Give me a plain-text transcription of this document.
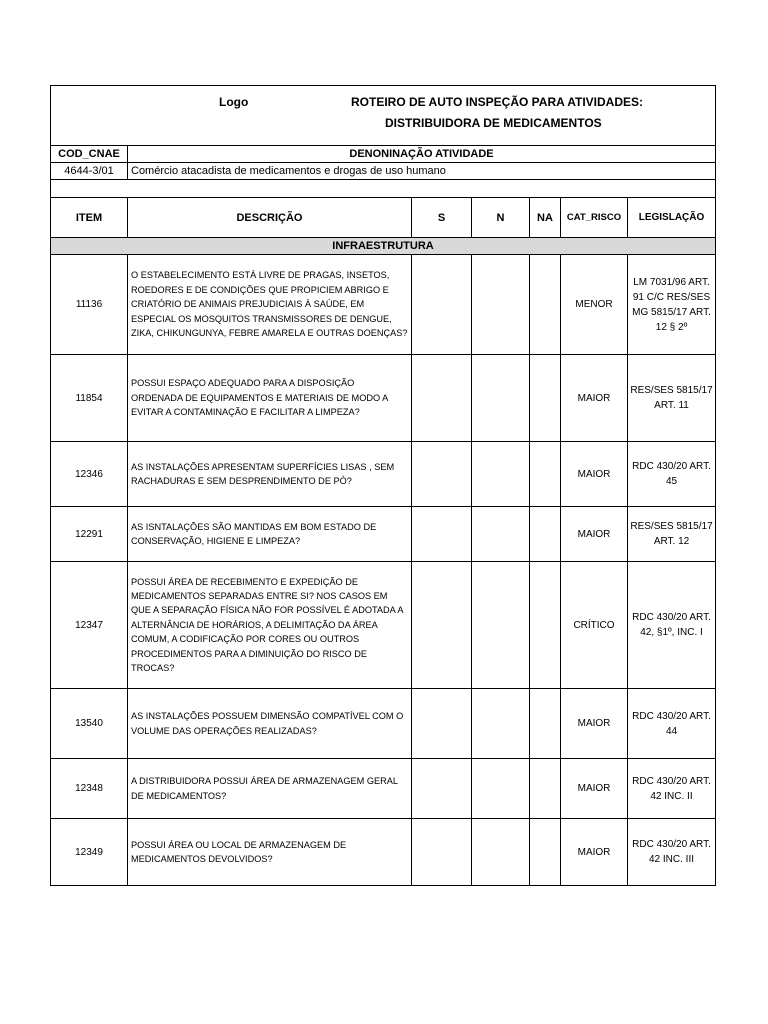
Logo ROTEIRO DE AUTO INSPEÇÃO PARA ATIVIDADES:
DISTRIBUIDORA DE MEDICAMENTOS						

COD_CNAE	DENONINAÇÃO ATIVIDADE					
4644-3/01	Comércio atacadista de medicamentos e drogas de uso humano					

ITEM	DESCRIÇÃO	S	N	NA	CAT_RISCO	LEGISLAÇÃO
INFRAESTRUTURA						
11136	O ESTABELECIMENTO ESTÁ LIVRE DE PRAGAS, INSETOS, ROEDORES E DE CONDIÇÕES QUE PROPICIEM ABRIGO E CRIATÓRIO DE ANIMAIS PREJUDICIAIS À SAÚDE, EM ESPECIAL OS MOSQUITOS TRANSMISSORES DE DENGUE, ZIKA, CHIKUNGUNYA, FEBRE AMARELA E OUTRAS DOENÇAS?				MENOR	LM 7031/96 ART. 91 C/C RES/SES MG 5815/17 ART. 12 § 2º
11854	POSSUI ESPAÇO ADEQUADO PARA A DISPOSIÇÃO ORDENADA DE EQUIPAMENTOS E MATERIAIS DE MODO A EVITAR A CONTAMINAÇÃO E FACILITAR A LIMPEZA?				MAIOR	RES/SES 5815/17 ART. 11
12346	AS INSTALAÇÕES APRESENTAM SUPERFÍCIES LISAS , SEM RACHADURAS E SEM DESPRENDIMENTO DE PÓ?				MAIOR	RDC 430/20 ART. 45
12291	AS ISNTALAÇÕES SÃO MANTIDAS EM BOM ESTADO DE CONSERVAÇÃO, HIGIENE E LIMPEZA?				MAIOR	RES/SES 5815/17 ART. 12
12347	POSSUI ÁREA DE RECEBIMENTO E EXPEDIÇÃO DE MEDICAMENTOS SEPARADAS ENTRE SI? NOS CASOS EM QUE A SEPARAÇÃO FÍSICA NÃO FOR POSSÍVEL É ADOTADA A ALTERNÂNCIA DE HORÁRIOS, A DELIMITAÇÃO DA ÁREA COMUM, A CODIFICAÇÃO POR CORES OU OUTROS PROCEDIMENTOS PARA A DIMINUIÇÃO DO RISCO DE TROCAS?				CRÍTICO	RDC 430/20 ART. 42, §1º, INC. I
13540	AS INSTALAÇÕES POSSUEM DIMENSÃO COMPATÍVEL COM O VOLUME DAS OPERAÇÕES REALIZADAS?				MAIOR	RDC 430/20 ART. 44
12348	A DISTRIBUIDORA POSSUI ÁREA DE ARMAZENAGEM GERAL DE MEDICAMENTOS?				MAIOR	RDC 430/20 ART. 42 INC. II
12349	POSSUI ÁREA OU LOCAL DE ARMAZENAGEM DE MEDICAMENTOS DEVOLVIDOS?				MAIOR	RDC 430/20 ART. 42 INC. III
